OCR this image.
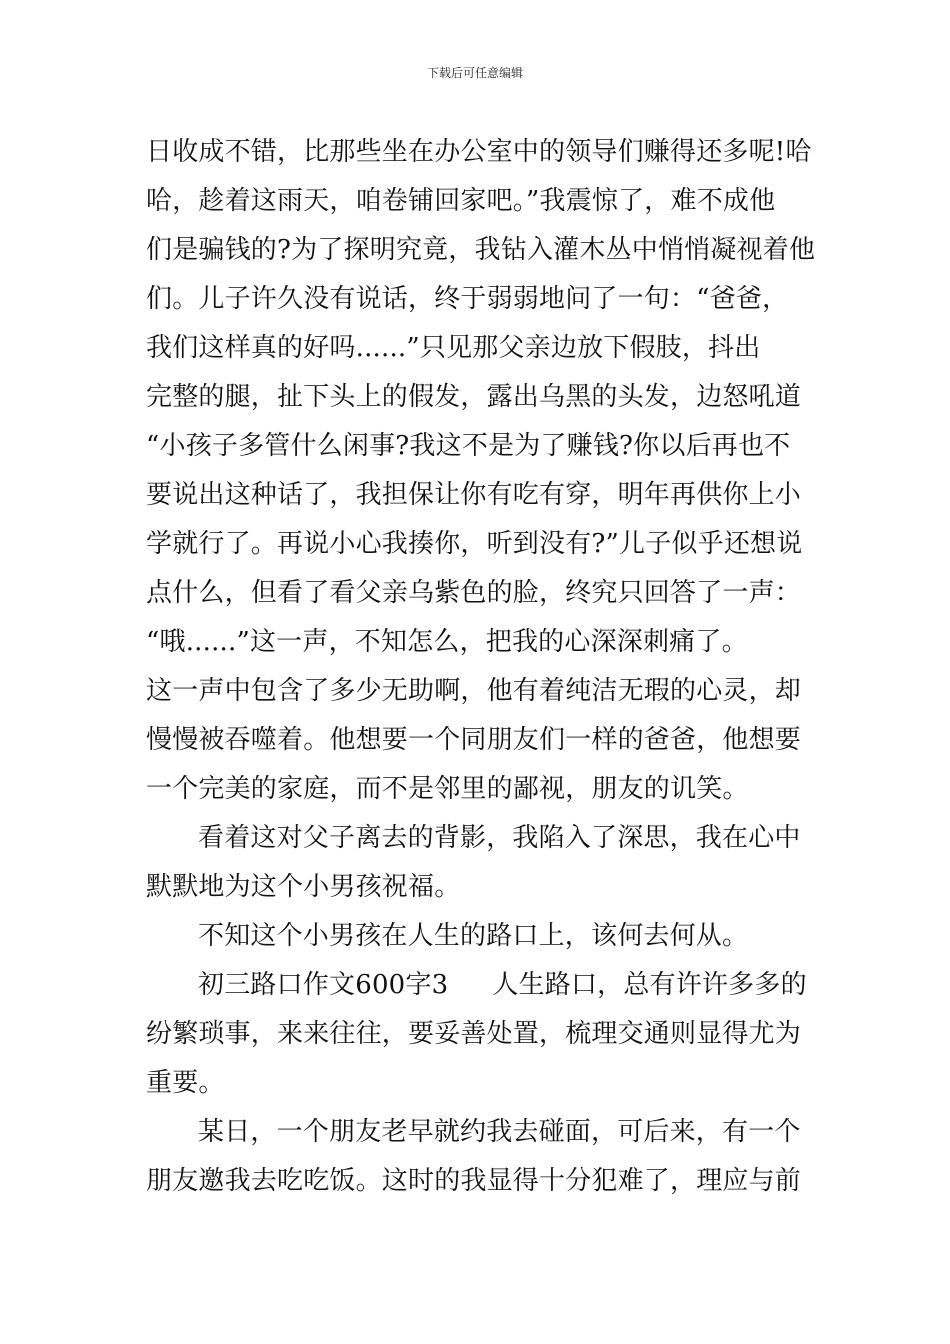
下载后可任意编辑
日收成不错，比那些坐在办公室中的领导们赚得还多呢!哈
哈，趁着这雨天，咱卷铺回家吧。”我震惊了，难不成他
们是骗钱的?为了探明究竟，我钻入灌木丛中悄悄凝视着他
们。儿子许久没有说话，终于弱弱地问了一句：“爸爸，
我们这样真的好吗......”只见那父亲边放下假肢，抖出
完整的腿，扯下头上的假发，露出乌黑的头发，边怒吼道
“小孩子多管什么闲事?我这不是为了赚钱?你以后再也不
要说出这种话了，我担保让你有吃有穿，明年再供你上小
学就行了。再说小心我揍你，听到没有?”儿子似乎还想说
点什么，但看了看父亲乌紫色的脸，终究只回答了一声：
“哦......”这一声，不知怎么，把我的心深深刺痛了。
这一声中包含了多少无助啊，他有着纯洁无瑕的心灵，却
慢慢被吞噬着。他想要一个同朋友们一样的爸爸，他想要
一个完美的家庭，而不是邻里的鄙视，朋友的讥笑。
看着这对父子离去的背影，我陷入了深思，我在心中
默默地为这个小男孩祝福。
不知这个小男孩在人生的路口上，该何去何从。
初三路口作文600字3 人生路口，总有许许多多的
纷繁琐事，来来往往，要妥善处置，梳理交通则显得尤为
重要。
某日，一个朋友老早就约我去碰面，可后来，有一个
朋友邀我去吃吃饭。这时的我显得十分犯难了，理应与前
